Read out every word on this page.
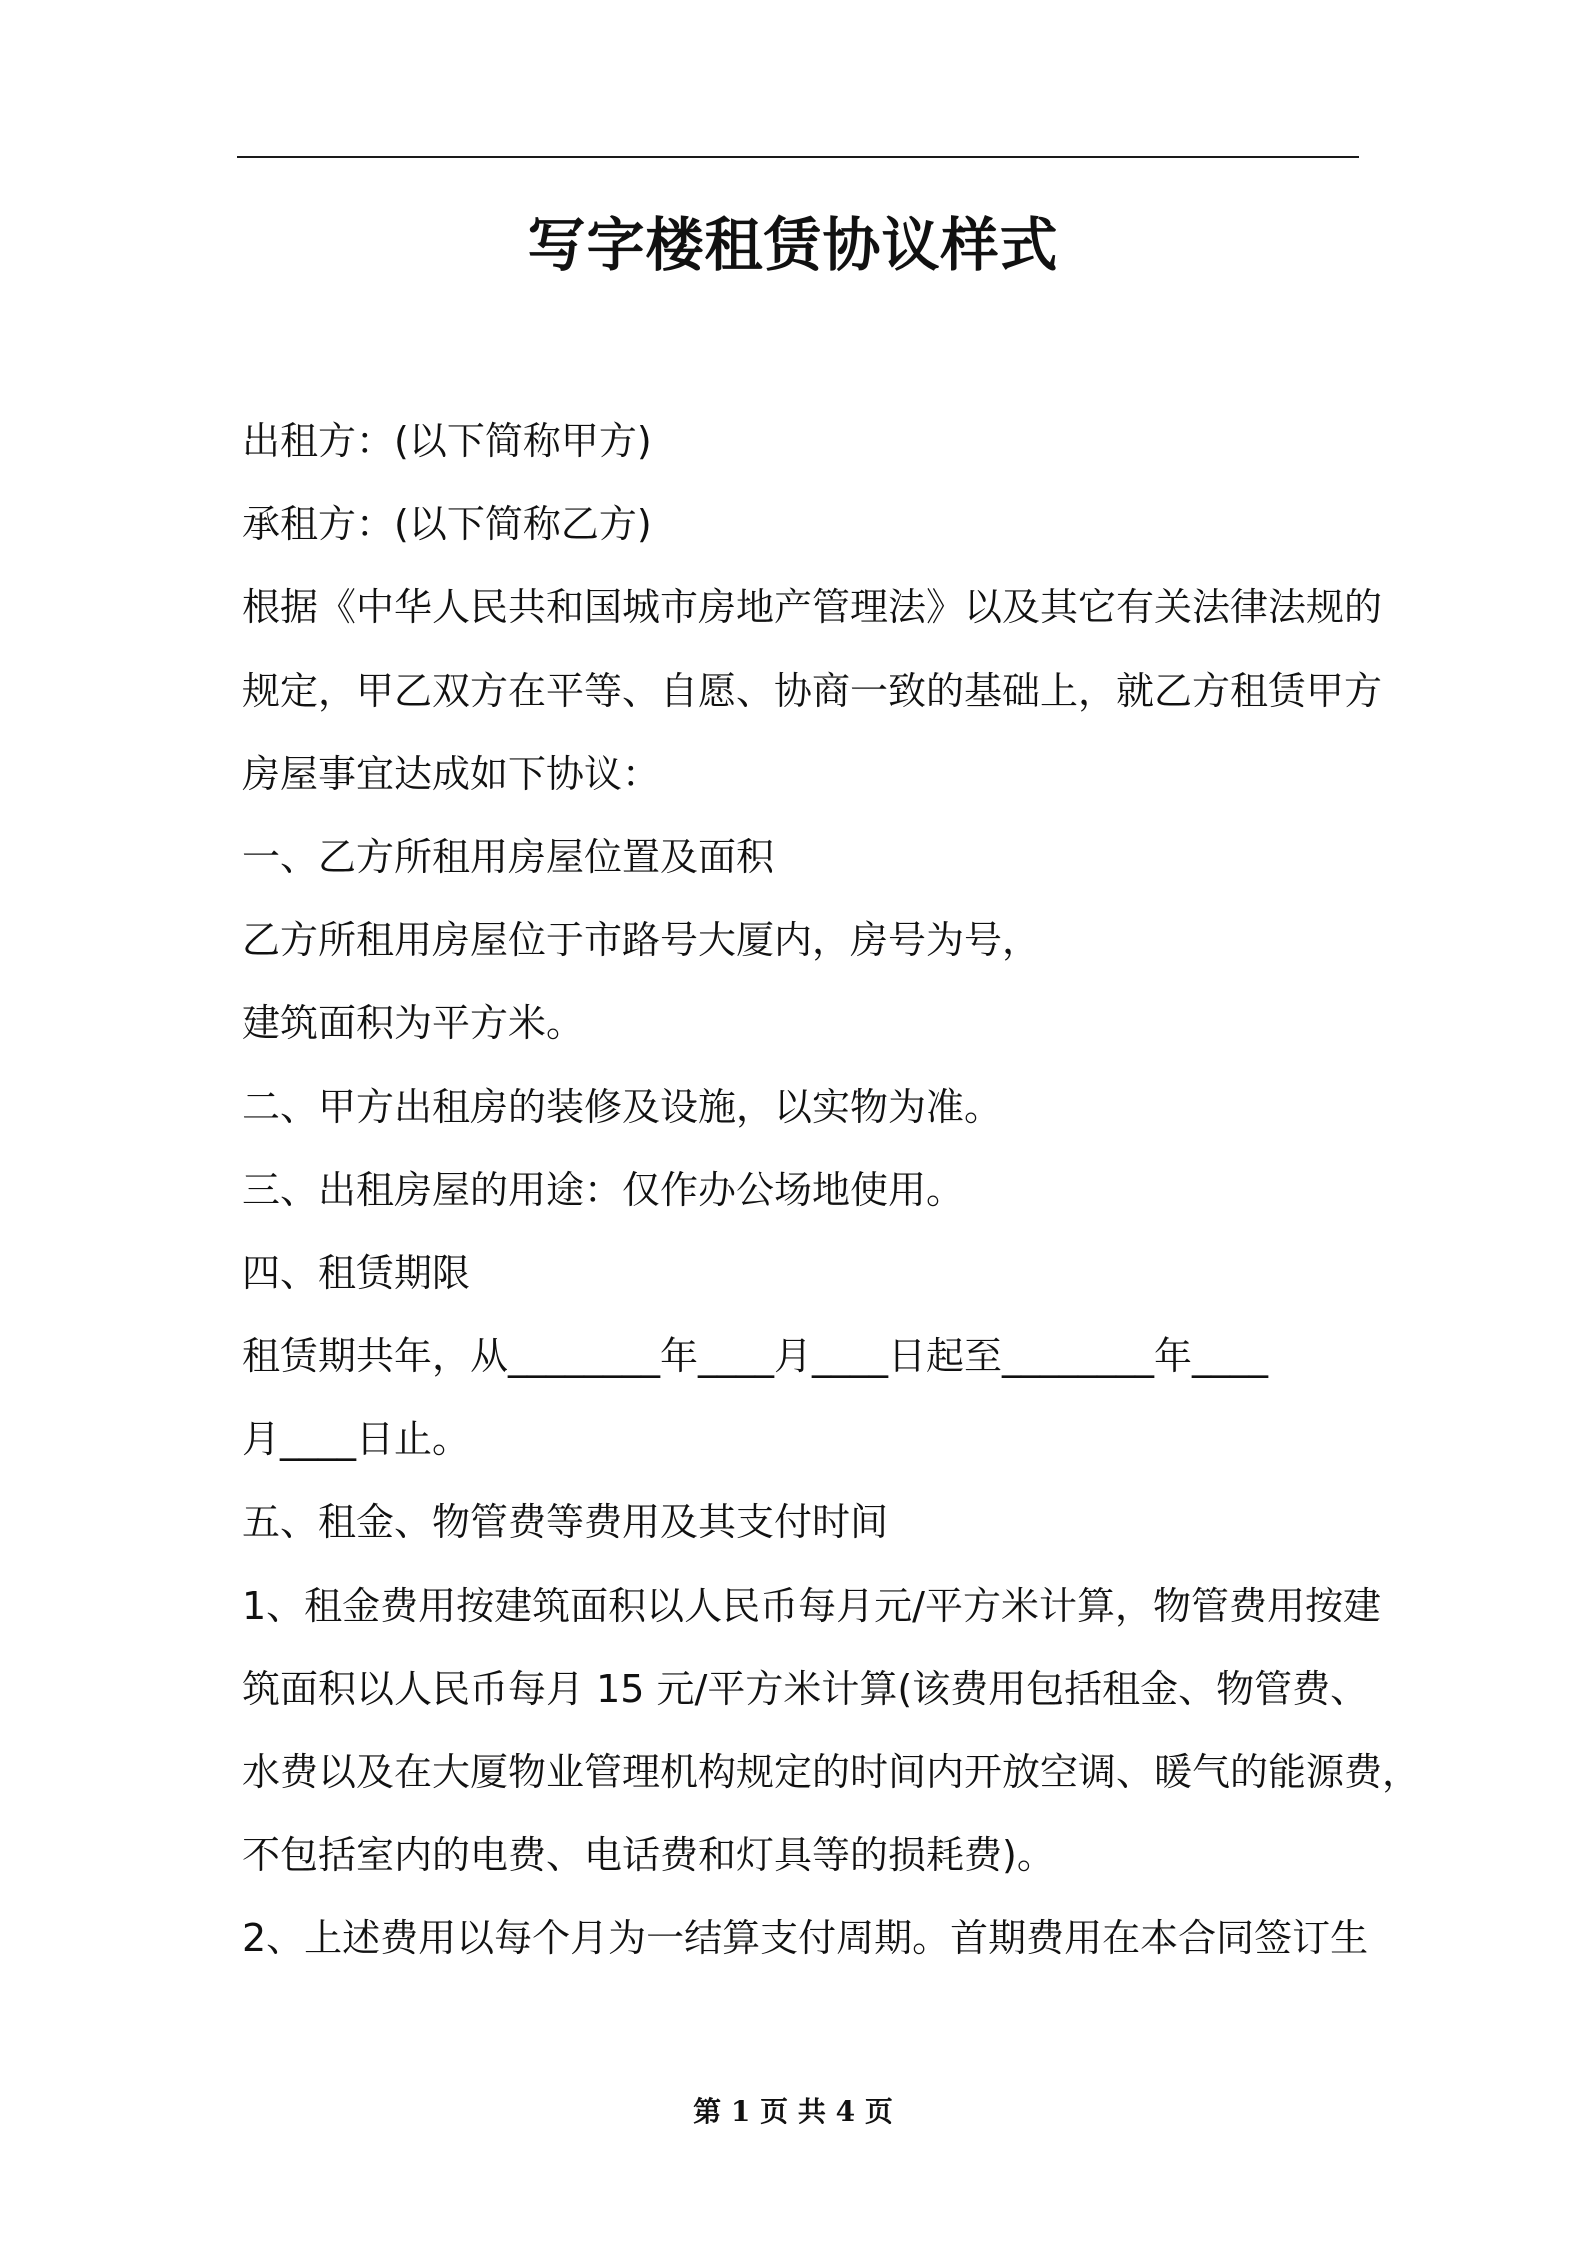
写字楼租赁协议样式
出租方：(以下简称甲方)
承租方：(以下简称乙方)
根据《中华人民共和国城市房地产管理法》以及其它有关法律法规的
规定，甲乙双方在平等、自愿、协商一致的基础上，就乙方租赁甲方
房屋事宜达成如下协议：
一、乙方所租用房屋位置及面积
乙方所租用房屋位于市路号大厦内，房号为号，
建筑面积为平方米。
二、甲方出租房的装修及设施，以实物为准。
三、出租房屋的用途：仅作办公场地使用。
四、租赁期限
租赁期共年，从________年____月____日起至________年____
月____日止。
五、租金、物管费等费用及其支付时间
1、租金费用按建筑面积以人民币每月元/平方米计算，物管费用按建
筑面积以人民币每月 15 元/平方米计算(该费用包括租金、物管费、
水费以及在大厦物业管理机构规定的时间内开放空调、暖气的能源费，
不包括室内的电费、电话费和灯具等的损耗费)。
2、上述费用以每个月为一结算支付周期。首期费用在本合同签订生
第 1 页 共 4 页
